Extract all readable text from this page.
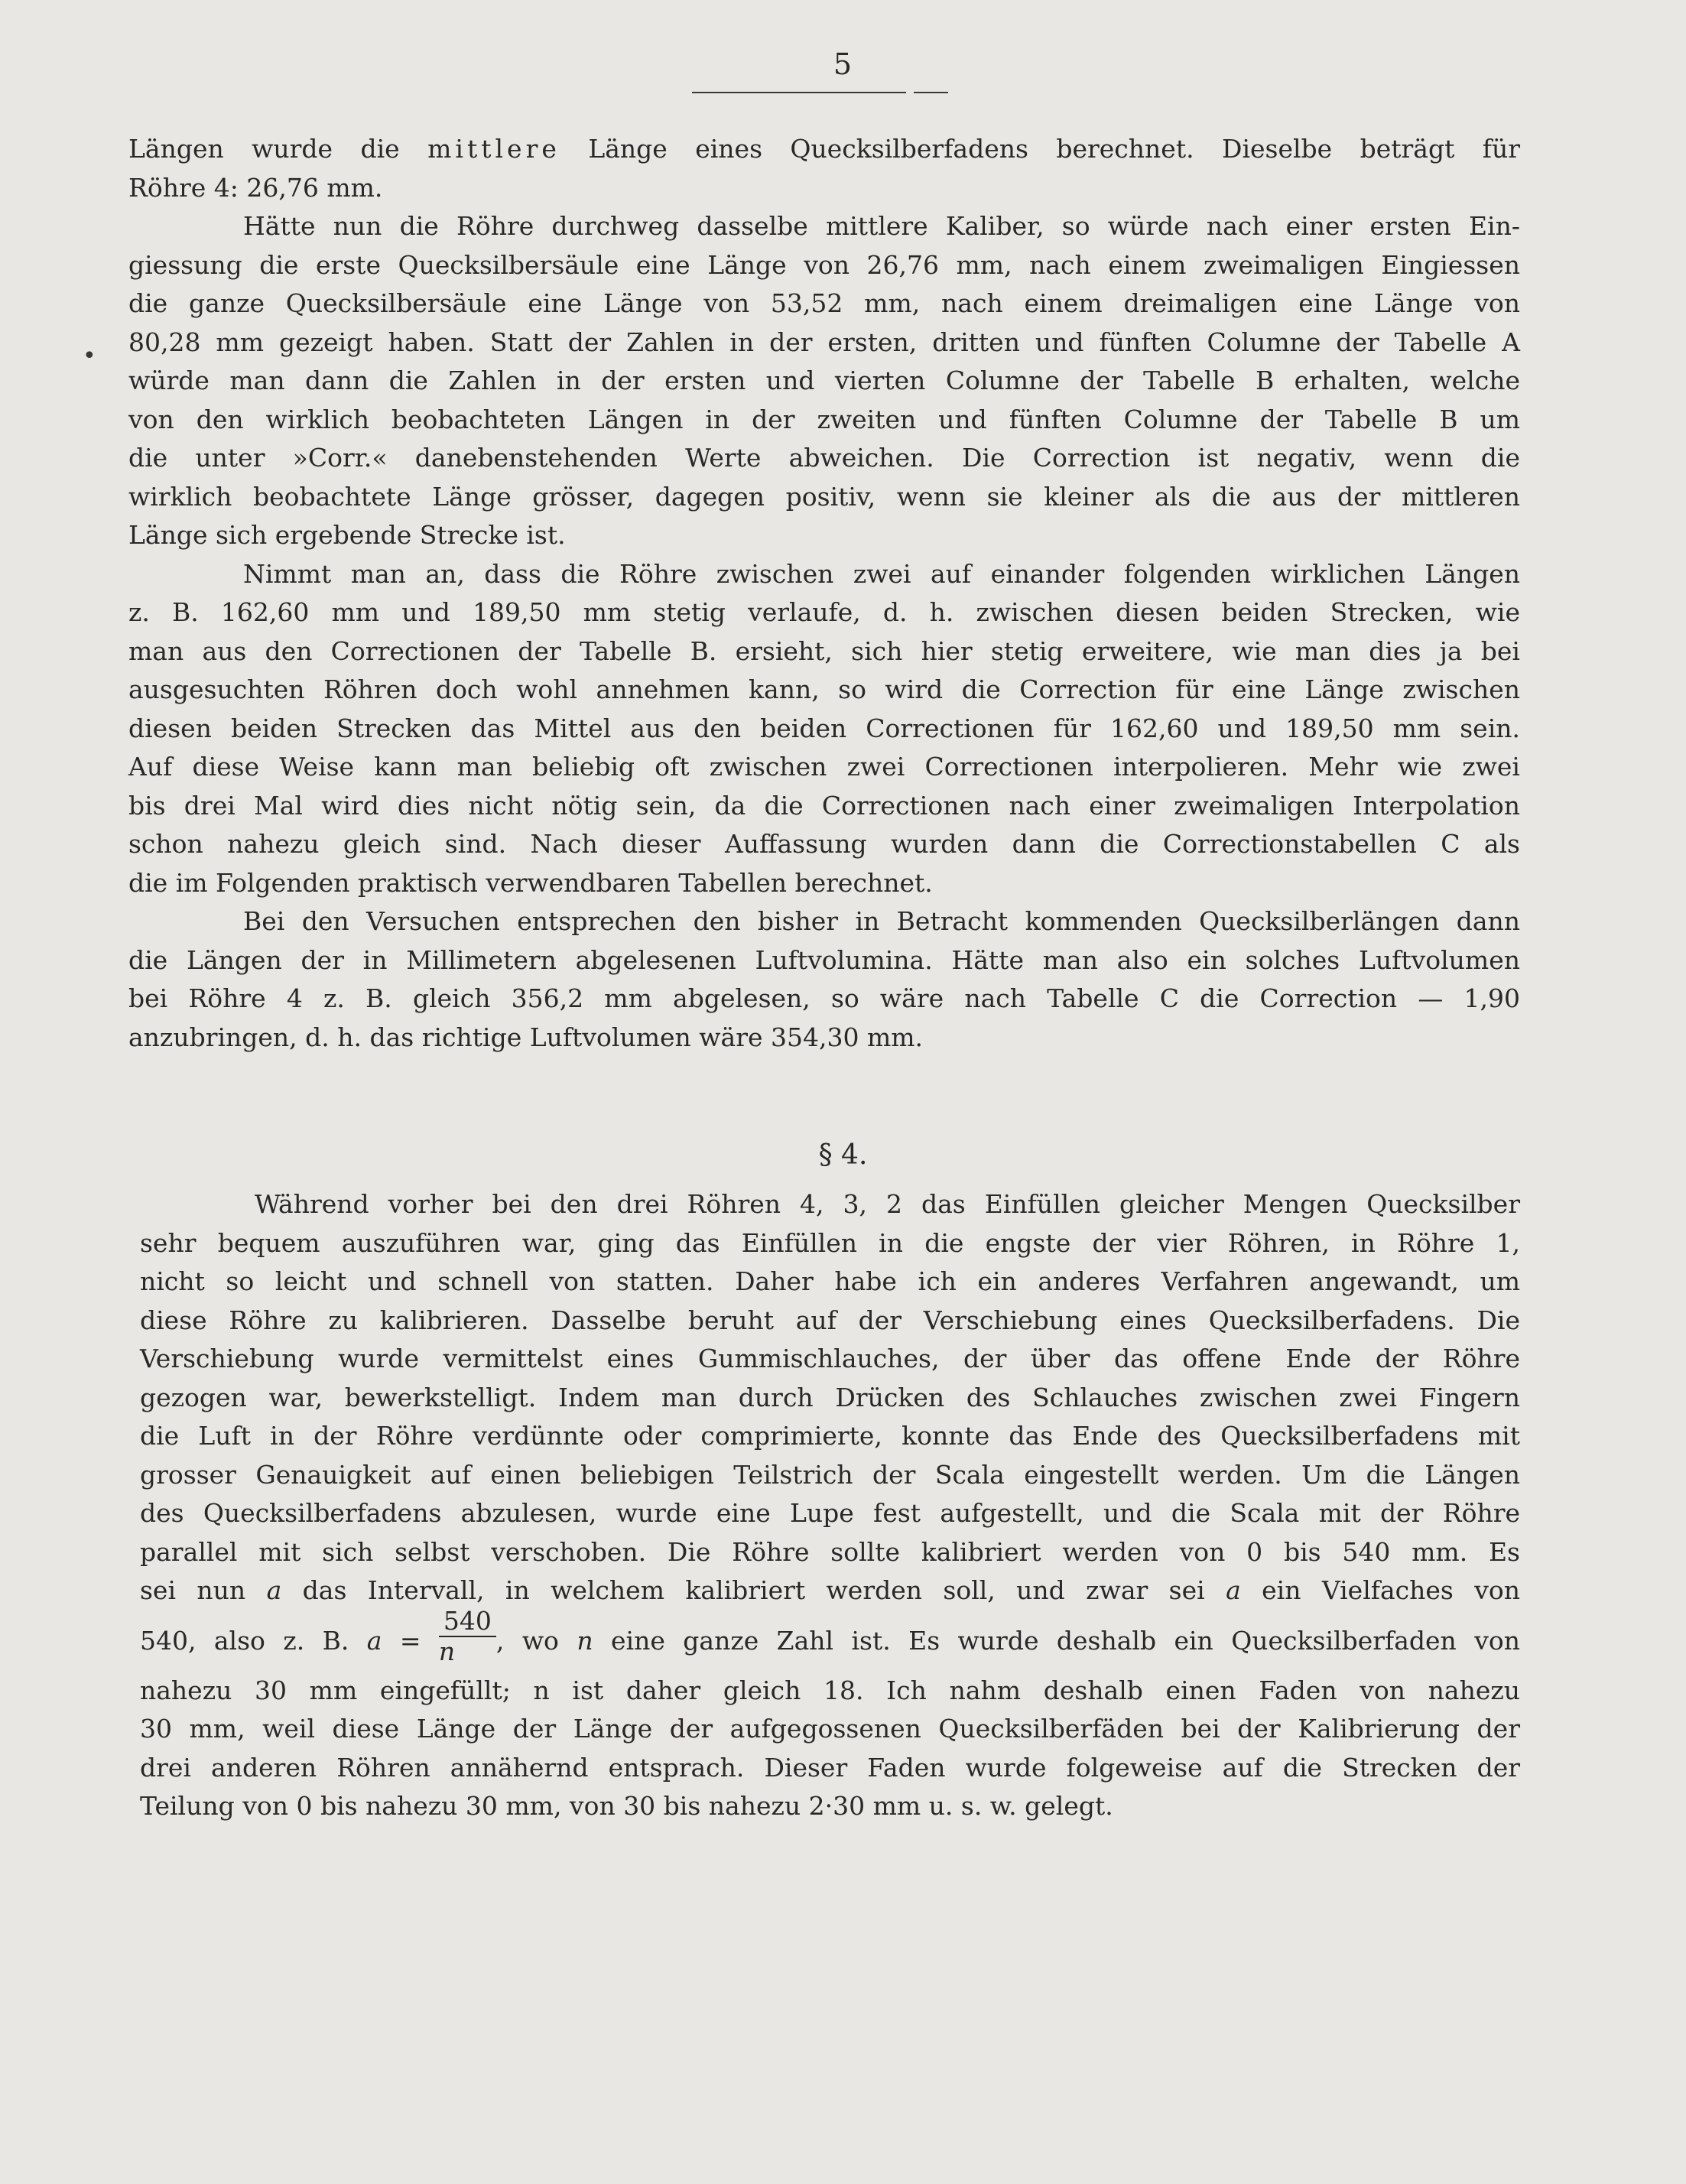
5
Längen wurde die mittlere Länge eines Quecksilberfadens berechnet. Dieselbe beträgt für
Röhre 4: 26,76 mm.
Hätte nun die Röhre durchweg dasselbe mittlere Kaliber, so würde nach einer ersten Ein-
giessung die erste Quecksilbersäule eine Länge von 26,76 mm, nach einem zweimaligen Eingiessen
die ganze Quecksilbersäule eine Länge von 53,52 mm, nach einem dreimaligen eine Länge von
80,28 mm gezeigt haben. Statt der Zahlen in der ersten, dritten und fünften Columne der Tabelle A
würde man dann die Zahlen in der ersten und vierten Columne der Tabelle B erhalten, welche
von den wirklich beobachteten Längen in der zweiten und fünften Columne der Tabelle B um
die unter »Corr.« danebenstehenden Werte abweichen. Die Correction ist negativ, wenn die
wirklich beobachtete Länge grösser, dagegen positiv, wenn sie kleiner als die aus der mittleren
Länge sich ergebende Strecke ist.
Nimmt man an, dass die Röhre zwischen zwei auf einander folgenden wirklichen Längen
z. B. 162,60 mm und 189,50 mm stetig verlaufe, d. h. zwischen diesen beiden Strecken, wie
man aus den Correctionen der Tabelle B. ersieht, sich hier stetig erweitere, wie man dies ja bei
ausgesuchten Röhren doch wohl annehmen kann, so wird die Correction für eine Länge zwischen
diesen beiden Strecken das Mittel aus den beiden Correctionen für 162,60 und 189,50 mm sein.
Auf diese Weise kann man beliebig oft zwischen zwei Correctionen interpolieren. Mehr wie zwei
bis drei Mal wird dies nicht nötig sein, da die Correctionen nach einer zweimaligen Interpolation
schon nahezu gleich sind. Nach dieser Auffassung wurden dann die Correctionstabellen C als
die im Folgenden praktisch verwendbaren Tabellen berechnet.
Bei den Versuchen entsprechen den bisher in Betracht kommenden Quecksilberlängen dann
die Längen der in Millimetern abgelesenen Luftvolumina. Hätte man also ein solches Luftvolumen
bei Röhre 4 z. B. gleich 356,2 mm abgelesen, so wäre nach Tabelle C die Correction — 1,90
anzubringen, d. h. das richtige Luftvolumen wäre 354,30 mm.
§ 4.
Während vorher bei den drei Röhren 4, 3, 2 das Einfüllen gleicher Mengen Quecksilber
sehr bequem auszuführen war, ging das Einfüllen in die engste der vier Röhren, in Röhre 1,
nicht so leicht und schnell von statten. Daher habe ich ein anderes Verfahren angewandt, um
diese Röhre zu kalibrieren. Dasselbe beruht auf der Verschiebung eines Quecksilberfadens. Die
Verschiebung wurde vermittelst eines Gummischlauches, der über das offene Ende der Röhre
gezogen war, bewerkstelligt. Indem man durch Drücken des Schlauches zwischen zwei Fingern
die Luft in der Röhre verdünnte oder comprimierte, konnte das Ende des Quecksilberfadens mit
grosser Genauigkeit auf einen beliebigen Teilstrich der Scala eingestellt werden. Um die Längen
des Quecksilberfadens abzulesen, wurde eine Lupe fest aufgestellt, und die Scala mit der Röhre
parallel mit sich selbst verschoben. Die Röhre sollte kalibriert werden von 0 bis 540 mm. Es
sei nun a das Intervall, in welchem kalibriert werden soll, und zwar sei a ein Vielfaches von
540, also z. B. $a = \frac{540}{n}$ , wo n eine ganze Zahl ist. Es wurde deshalb ein Quecksilberfaden von
nahezu 30 mm eingefüllt; n ist daher gleich 18. Ich nahm deshalb einen Faden von nahezu
30 mm, weil diese Länge der Länge der aufgegossenen Quecksilberfäden bei der Kalibrierung der
drei anderen Röhren annähernd entsprach. Dieser Faden wurde folgeweise auf die Strecken der
Teilung von 0 bis nahezu 30 mm, von 30 bis nahezu 2·30 mm u. s. w. gelegt.
•
